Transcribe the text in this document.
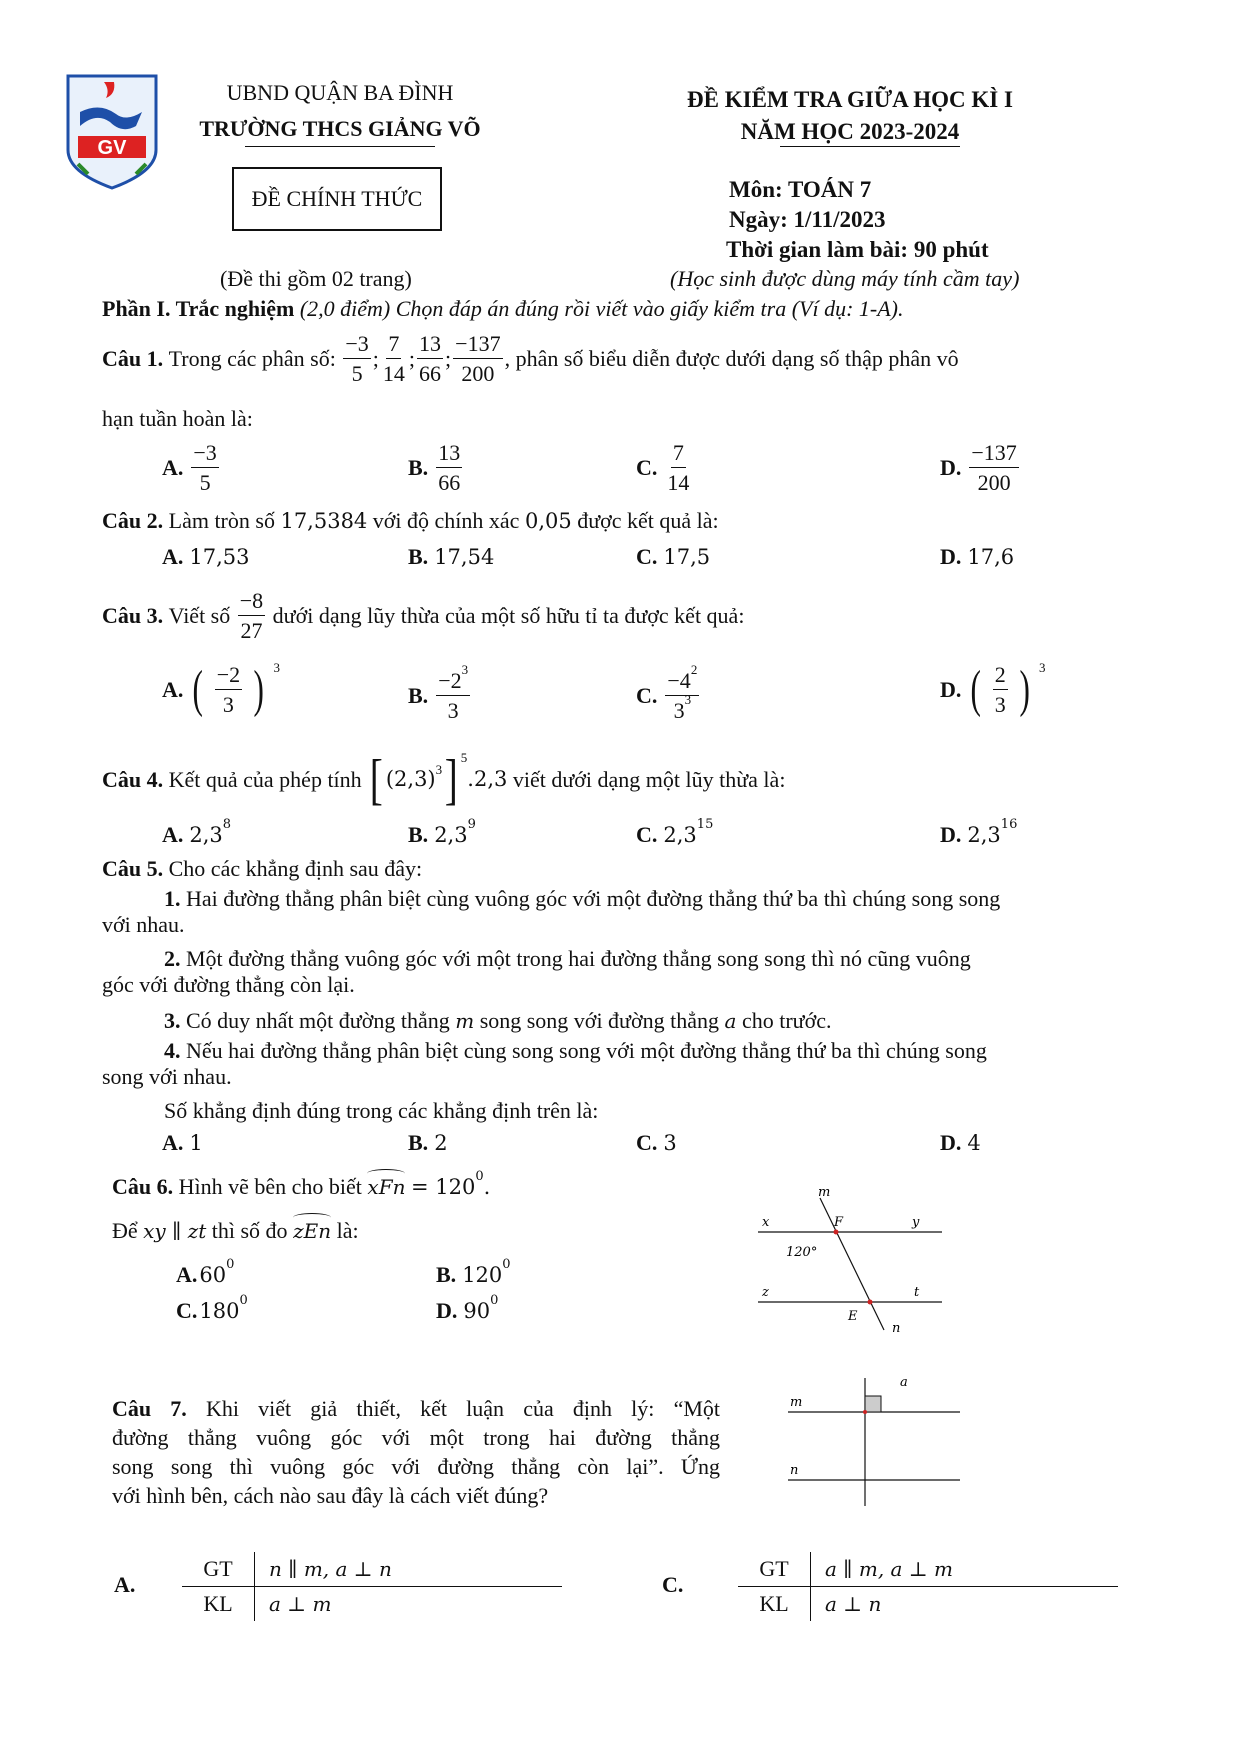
GV
UBND QUẬN BA ĐÌNH
TRƯỜNG THCS GIẢNG VÕ
ĐỀ KIỂM TRA GIỮA HỌC KÌ I
NĂM HỌC 2023-2024
ĐỀ CHÍNH THỨC	Môn: TOÁN 7
Ngày: 1/11/2023
Thời gian làm bài: 90 phút
(Đề thi gồm 02 trang)	(Học sinh được dùng máy tính cầm tay)
Phần I. Trắc nghiệm (2,0 điểm) Chọn đáp án đúng rồi viết vào giấy kiểm tra (Ví dụ: 1-A).
Câu 1.
Trong các phân số:
$\frac{-3}{5}$ ; $\frac{7}{14}$ ; $\frac{13}{66}$ ; $\frac{-137}{200}$ , phân số biểu diễn được dưới dạng số thập phân vô
hạn tuần hoàn là:
A. $\frac{-3}{5}$	B. $\frac{13}{66}$	C. $\frac{7}{14}$	D. $\frac{-137}{200}$
Câu 2. Làm tròn số 17,5384 với độ chính xác 0,05 được kết quả là:
A. 17,53	B. 17,54	C. 17,5	D. 17,6
Câu 3.
Viết số
$\frac{-8}{27}$
dưới dạng lũy thừa của một số hữu tỉ ta được kết quả:
A. ( $\frac{-2}{3}$ ) $^3$
B. $\frac{-2^3}{3}$	C. $\frac{-4^2}{3^3}$	D. ( $\frac{2}{3}$ ) $^3$
Câu 4.
Kết quả của phép tính
[ $(2,3)^3$ ]$^5$
.2,3
viết dưới dạng một lũy thừa là:
A. $2,3^8$	B. $2,3^9$	C. $2,3^{15}$	D. $2,3^{16}$
Câu 5. Cho các khẳng định sau đây:
1. Hai đường thẳng phân biệt cùng vuông góc với một đường thẳng thứ ba thì chúng song song
với nhau.
2. Một đường thẳng vuông góc với một trong hai đường thẳng song song thì nó cũng vuông
góc với đường thẳng còn lại.
3. Có duy nhất một đường thẳng m song song với đường thẳng a cho trước.
4. Nếu hai đường thẳng phân biệt cùng song song với một đường thẳng thứ ba thì chúng song
song với nhau.
Số khẳng định đúng trong các khẳng định trên là:
A. 1	B. 2	C. 3	D. 4
Câu 6. Hình vẽ bên cho biết xFn = $120^0$.
Để xy ∥ zt thì số đo zEn là:
A. $60^0$	B. $120^0$
C. $180^0$	D. $90^0$
m
x	F	y
120°
z	t
E
n
Câu 7. Khi viết giả thiết, kết luận của định lý: “Một
đường thẳng vuông góc với một trong hai đường thẳng
song song thì vuông góc với đường thẳng còn lại”. Ứng
với hình bên, cách nào sau đây là cách viết đúng?
a
m
n
A.
GT	n ∥ m, a ⊥ n
KL	a ⊥ m
C.
GT	a ∥ m, a ⊥ m
KL	a ⊥ n
